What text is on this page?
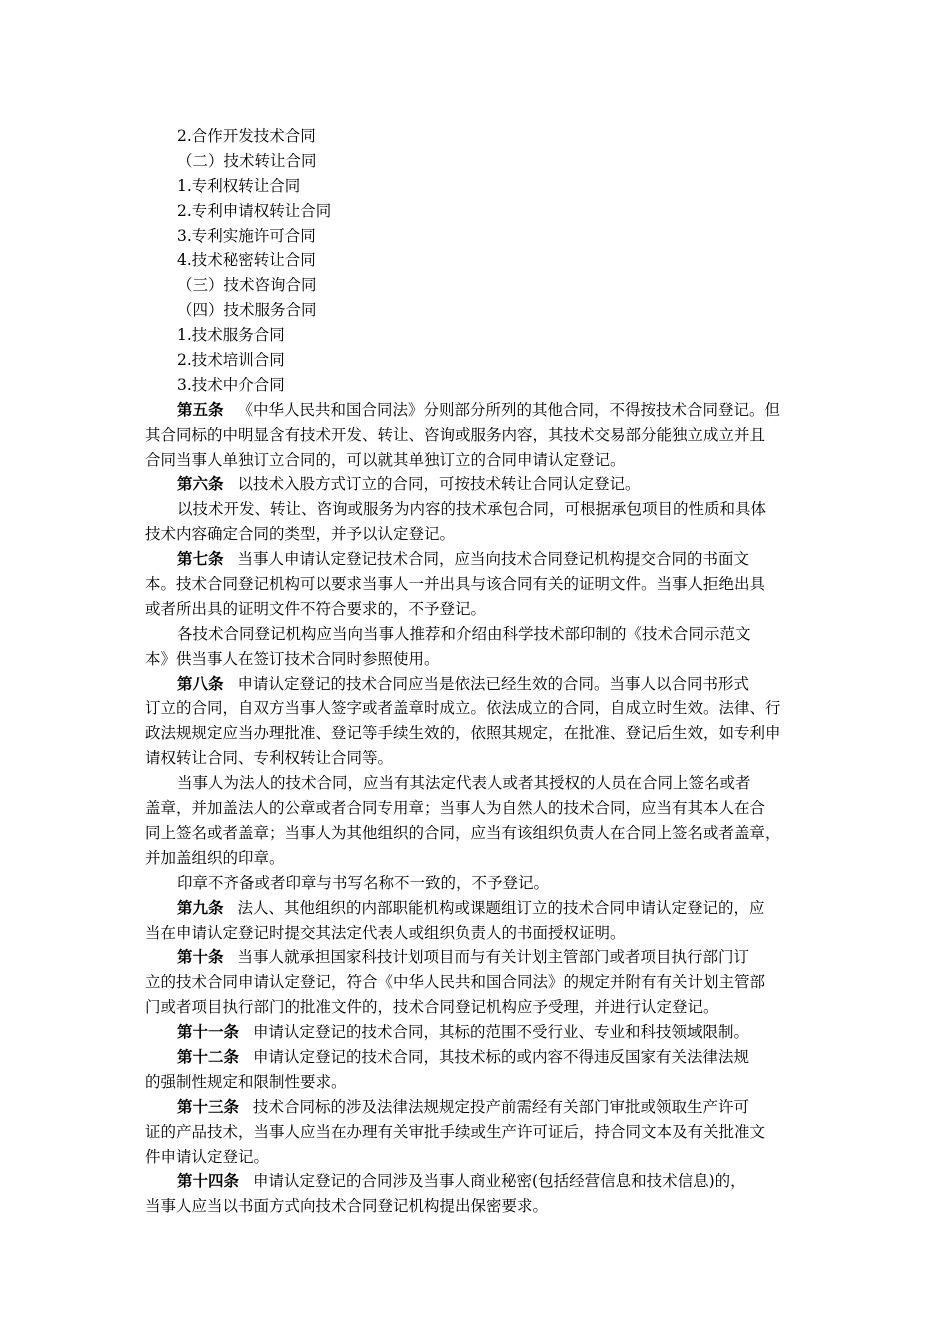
2.合作开发技术合同
（二）技术转让合同
1.专利权转让合同
2.专利申请权转让合同
3.专利实施许可合同
4.技术秘密转让合同
（三）技术咨询合同
（四）技术服务合同
1.技术服务合同
2.技术培训合同
3.技术中介合同
第五条 《中华人民共和国合同法》分则部分所列的其他合同，不得按技术合同登记。但
其合同标的中明显含有技术开发、转让、咨询或服务内容，其技术交易部分能独立成立并且
合同当事人单独订立合同的，可以就其单独订立的合同申请认定登记。
第六条 以技术入股方式订立的合同，可按技术转让合同认定登记。
以技术开发、转让、咨询或服务为内容的技术承包合同，可根据承包项目的性质和具体
技术内容确定合同的类型，并予以认定登记。
第七条 当事人申请认定登记技术合同，应当向技术合同登记机构提交合同的书面文
本。技术合同登记机构可以要求当事人一并出具与该合同有关的证明文件。当事人拒绝出具
或者所出具的证明文件不符合要求的，不予登记。
各技术合同登记机构应当向当事人推荐和介绍由科学技术部印制的《技术合同示范文
本》供当事人在签订技术合同时参照使用。
第八条 申请认定登记的技术合同应当是依法已经生效的合同。当事人以合同书形式
订立的合同，自双方当事人签字或者盖章时成立。依法成立的合同，自成立时生效。法律、行
政法规规定应当办理批准、登记等手续生效的，依照其规定，在批准、登记后生效，如专利申
请权转让合同、专利权转让合同等。
当事人为法人的技术合同，应当有其法定代表人或者其授权的人员在合同上签名或者
盖章，并加盖法人的公章或者合同专用章；当事人为自然人的技术合同，应当有其本人在合
同上签名或者盖章；当事人为其他组织的合同，应当有该组织负责人在合同上签名或者盖章，
并加盖组织的印章。
印章不齐备或者印章与书写名称不一致的，不予登记。
第九条 法人、其他组织的内部职能机构或课题组订立的技术合同申请认定登记的，应
当在申请认定登记时提交其法定代表人或组织负责人的书面授权证明。
第十条 当事人就承担国家科技计划项目而与有关计划主管部门或者项目执行部门订
立的技术合同申请认定登记，符合《中华人民共和国合同法》的规定并附有有关计划主管部
门或者项目执行部门的批准文件的，技术合同登记机构应予受理，并进行认定登记。
第十一条 申请认定登记的技术合同，其标的范围不受行业、专业和科技领域限制。
第十二条 申请认定登记的技术合同，其技术标的或内容不得违反国家有关法律法规
的强制性规定和限制性要求。
第十三条 技术合同标的涉及法律法规规定投产前需经有关部门审批或领取生产许可
证的产品技术，当事人应当在办理有关审批手续或生产许可证后，持合同文本及有关批准文
件申请认定登记。
第十四条 申请认定登记的合同涉及当事人商业秘密(包括经营信息和技术信息)的，
当事人应当以书面方式向技术合同登记机构提出保密要求。
